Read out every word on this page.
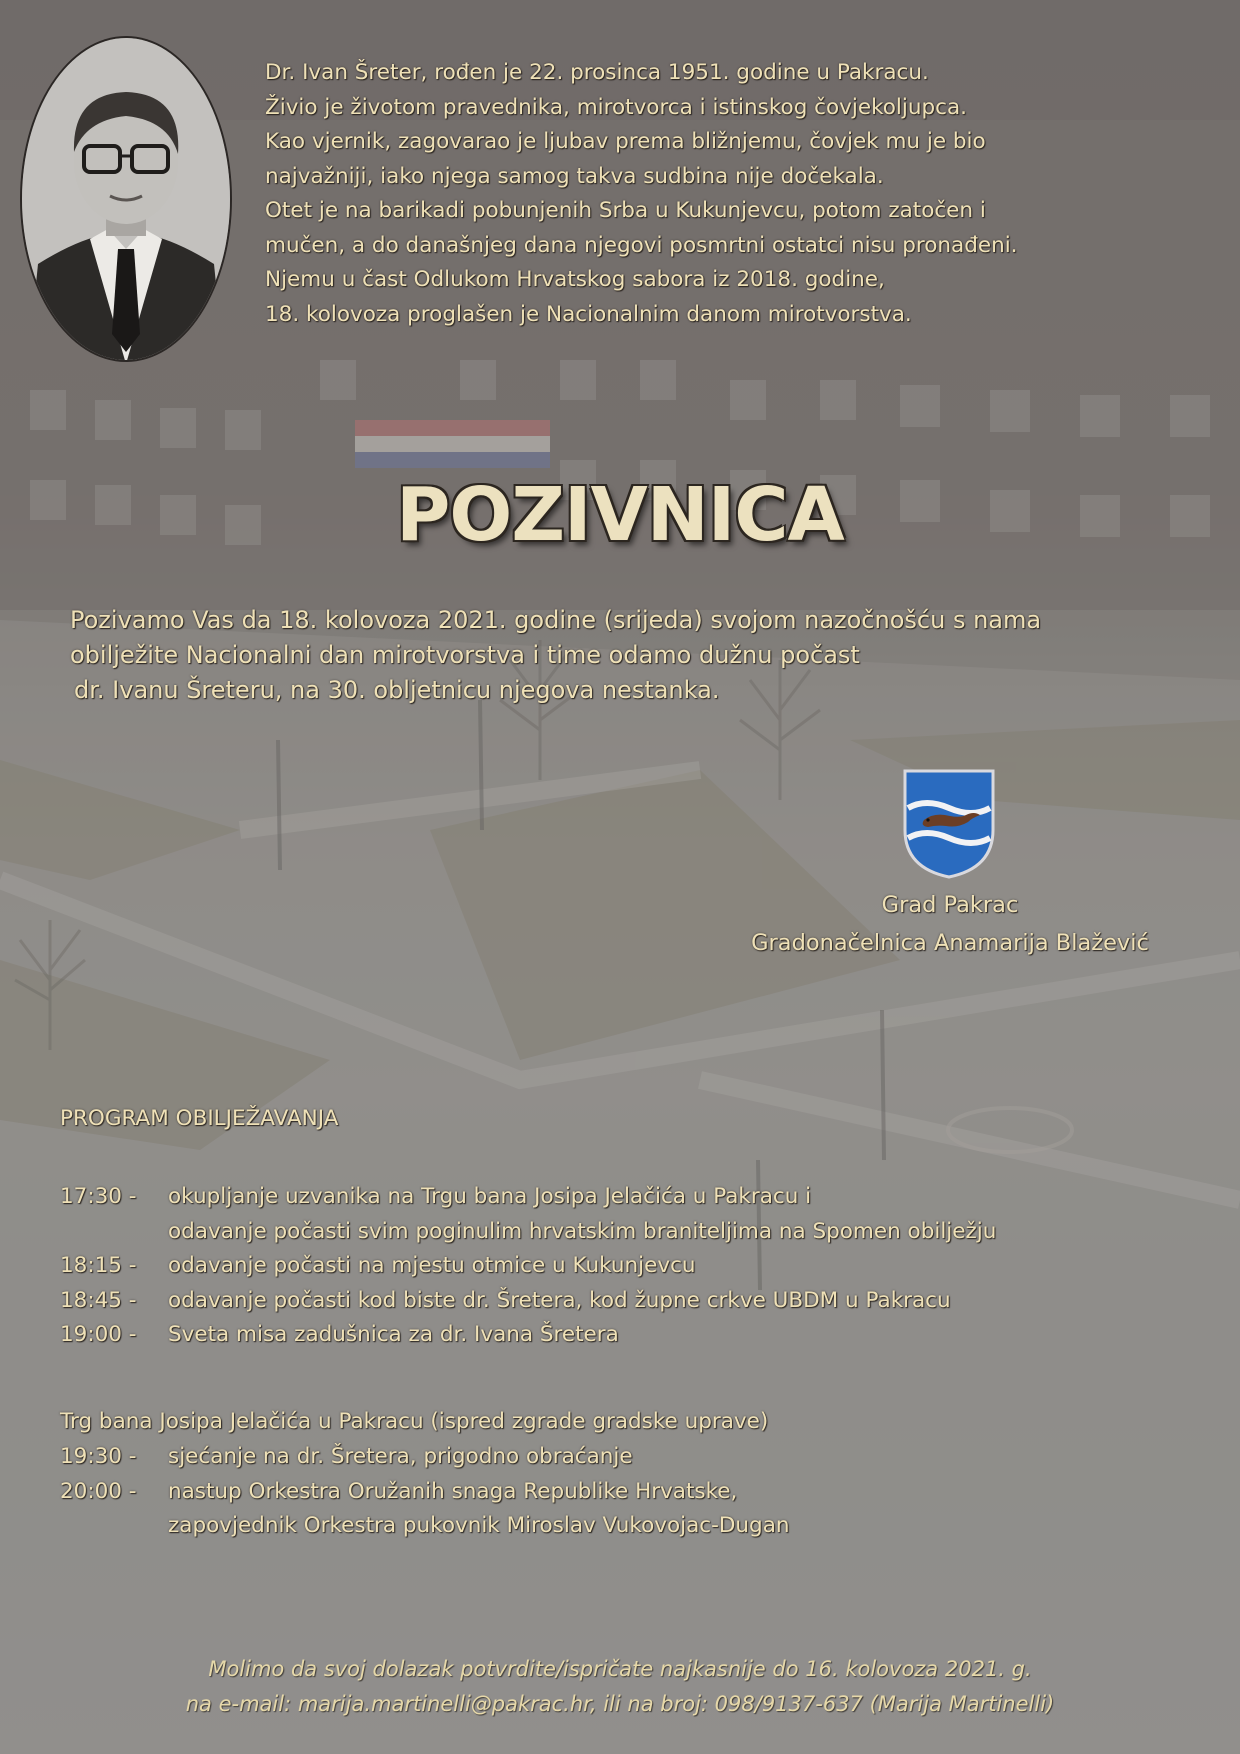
Dr. Ivan Šreter, rođen je 22. prosinca 1951. godine u Pakracu.
Živio je životom pravednika, mirotvorca i istinskog čovjekoljupca.
Kao vjernik, zagovarao je ljubav prema bližnjemu, čovjek mu je bio
najvažniji, iako njega samog takva sudbina nije dočekala.
Otet je na barikadi pobunjenih Srba u Kukunjevcu, potom zatočen i
mučen, a do današnjeg dana njegovi posmrtni ostatci nisu pronađeni.
Njemu u čast Odlukom Hrvatskog sabora iz 2018. godine,
18. kolovoza proglašen je Nacionalnim danom mirotvorstva.
POZIVNICA
Pozivamo Vas da 18. kolovoza 2021. godine (srijeda) svojom nazočnošću s nama
obilježite Nacionalni dan mirotvorstva i time odamo dužnu počast
dr. Ivanu Šreteru, na 30. obljetnicu njegova nestanka.
Grad Pakrac
Gradonačelnica Anamarija Blažević
PROGRAM OBILJEŽAVANJA
17:30 -	okupljanje uzvanika na Trgu bana Josipa Jelačića u Pakracu i
odavanje počasti svim poginulim hrvatskim braniteljima na Spomen obilježju
18:15 -	odavanje počasti na mjestu otmice u Kukunjevcu
18:45 -	odavanje počasti kod biste dr. Šretera, kod župne crkve UBDM u Pakracu
19:00 -	Sveta misa zadušnica za dr. Ivana Šretera

Trg bana Josipa Jelačića u Pakracu (ispred zgrade gradske uprave)

19:30 -	sjećanje na dr. Šretera, prigodno obraćanje
20:00 -	nastup Orkestra Oružanih snaga Republike Hrvatske,
zapovjednik Orkestra pukovnik Miroslav Vukovojac-Dugan
Molimo da svoj dolazak potvrdite/ispričate najkasnije do 16. kolovoza 2021. g.
na e-mail: marija.martinelli@pakrac.hr, ili na broj: 098/9137-637 (Marija Martinelli)
